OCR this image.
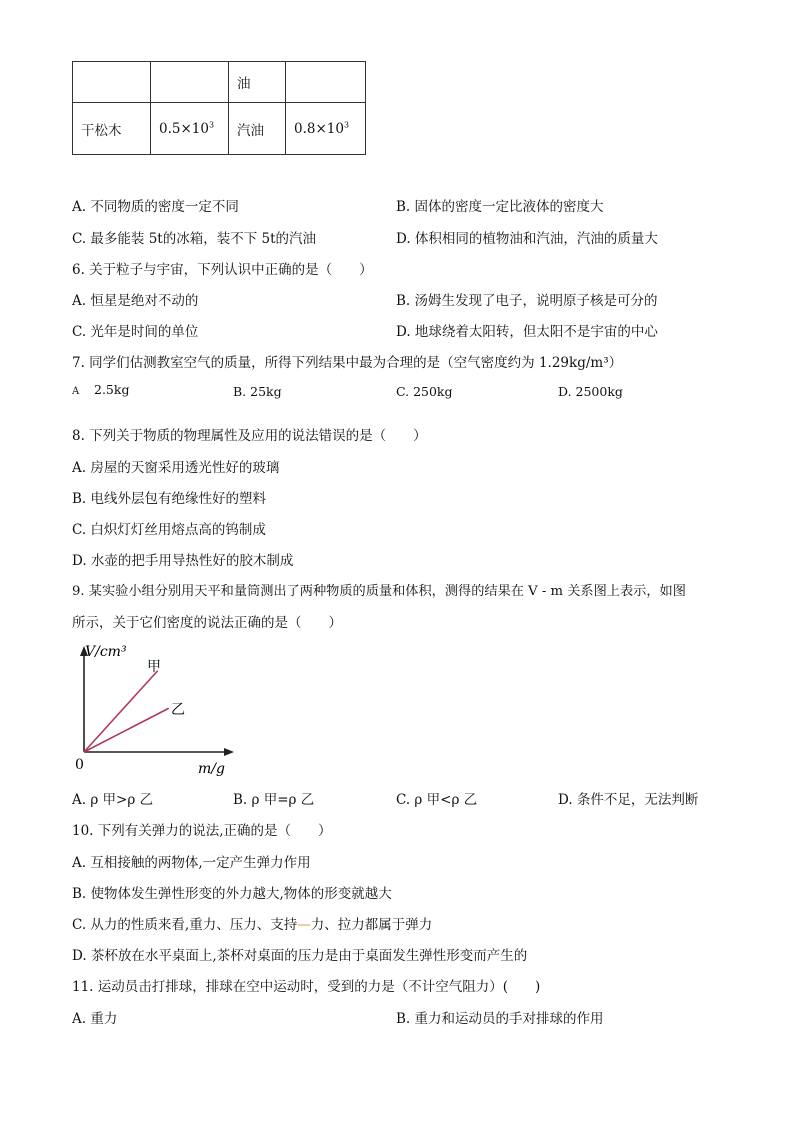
		油	
干松木	$0.5\times 10^3$	汽油	$0.8\times 10^3$
A. 不同物质的密度一定不同	B. 固体的密度一定比液体的密度大
C. 最多能装 5t的冰箱，装不下 5t的汽油	D. 体积相同的植物油和汽油，汽油的质量大
6. 关于粒子与宇宙，下列认识中正确的是（　　）
A. 恒星是绝对不动的	B. 汤姆生发现了电子，说明原子核是可分的
C. 光年是时间的单位	D. 地球绕着太阳转，但太阳不是宇宙的中心
7. 同学们估测教室空气的质量，所得下列结果中最为合理的是（空气密度约为 1.29kg/m³）
A 2.5kg	B. 25kg	C. 250kg	D. 2500kg
8. 下列关于物质的物理属性及应用的说法错误的是（　　）
A. 房屋的天窗采用透光性好的玻璃
B. 电线外层包有绝缘性好的塑料
C. 白炽灯灯丝用熔点高的钨制成
D. 水壶的把手用导热性好的胶木制成
9. 某实验小组分别用天平和量筒测出了两种物质的质量和体积，测得的结果在 V - m 关系图上表示，如图
所示，关于它们密度的说法正确的是（　　）
V/cm³
m/g
0
甲
乙
A. ρ 甲>ρ 乙	B. ρ 甲=ρ 乙	C. ρ 甲<ρ 乙	D. 条件不足，无法判断
10. 下列有关弹力的说法,正确的是（　　）
A. 互相接触的两物体,一定产生弹力作用
B. 使物体发生弹性形变的外力越大,物体的形变就越大
C. 从力的性质来看,重力、压力、支持—力、拉力都属于弹力
D. 茶杯放在水平桌面上,茶杯对桌面的压力是由于桌面发生弹性形变而产生的
11. 运动员击打排球，排球在空中运动时，受到的力是（不计空气阻力）(　　)
A. 重力	B. 重力和运动员的手对排球的作用
